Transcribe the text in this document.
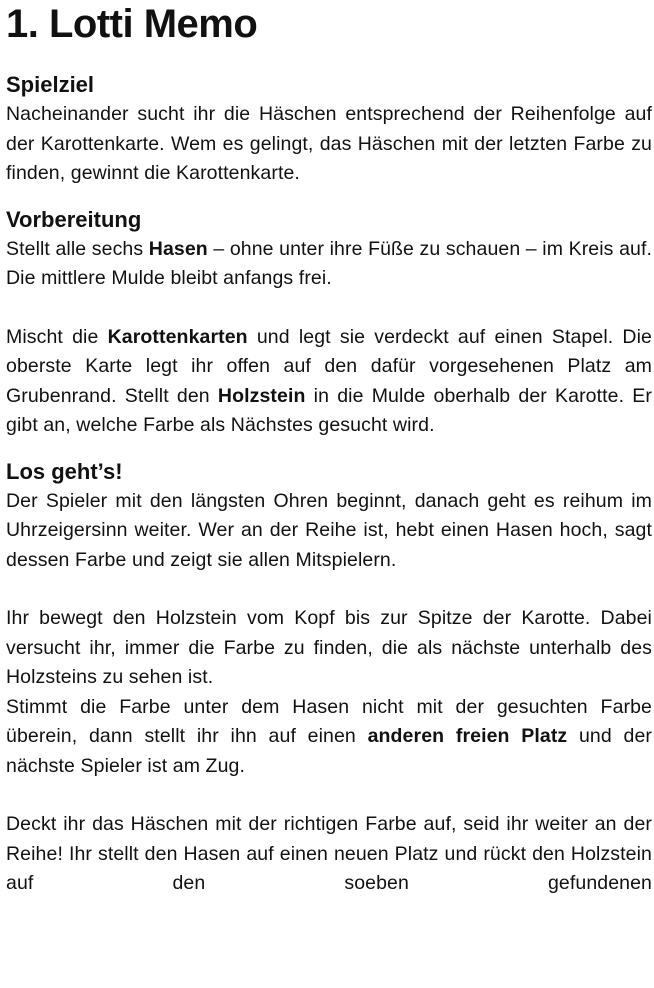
1. Lotti Memo
Spielziel

Nacheinander sucht ihr die Häschen entsprechend der Reihenfolge auf der Karottenkarte. Wem es gelingt, das Häschen mit der letzten Farbe zu finden, gewinnt die Karottenkarte.

Vorbereitung

Stellt alle sechs Hasen – ohne unter ihre Füße zu schauen – im Kreis auf. Die mittlere Mulde bleibt anfangs frei.

Mischt die Karottenkarten und legt sie verdeckt auf einen Stapel. Die oberste Karte legt ihr offen auf den dafür vorgesehenen Platz am Grubenrand. Stellt den Holzstein in die Mulde oberhalb der Karotte. Er gibt an, welche Farbe als Nächstes gesucht wird.

Los geht’s!

Der Spieler mit den längsten Ohren beginnt, danach geht es reihum im Uhrzeigersinn weiter. Wer an der Reihe ist, hebt einen Hasen hoch, sagt dessen Farbe und zeigt sie allen Mitspielern.

Ihr bewegt den Holzstein vom Kopf bis zur Spitze der Karotte. Dabei versucht ihr, immer die Farbe zu finden, die als nächste unterhalb des Holzsteins zu sehen ist.

Stimmt die Farbe unter dem Hasen nicht mit der gesuchten Farbe überein, dann stellt ihr ihn auf einen anderen freien Platz und der nächste Spieler ist am Zug.

Deckt ihr das Häschen mit der richtigen Farbe auf, seid ihr weiter an der Reihe! Ihr stellt den Hasen auf einen neuen Platz und rückt den Holzstein auf den soeben gefundenen
